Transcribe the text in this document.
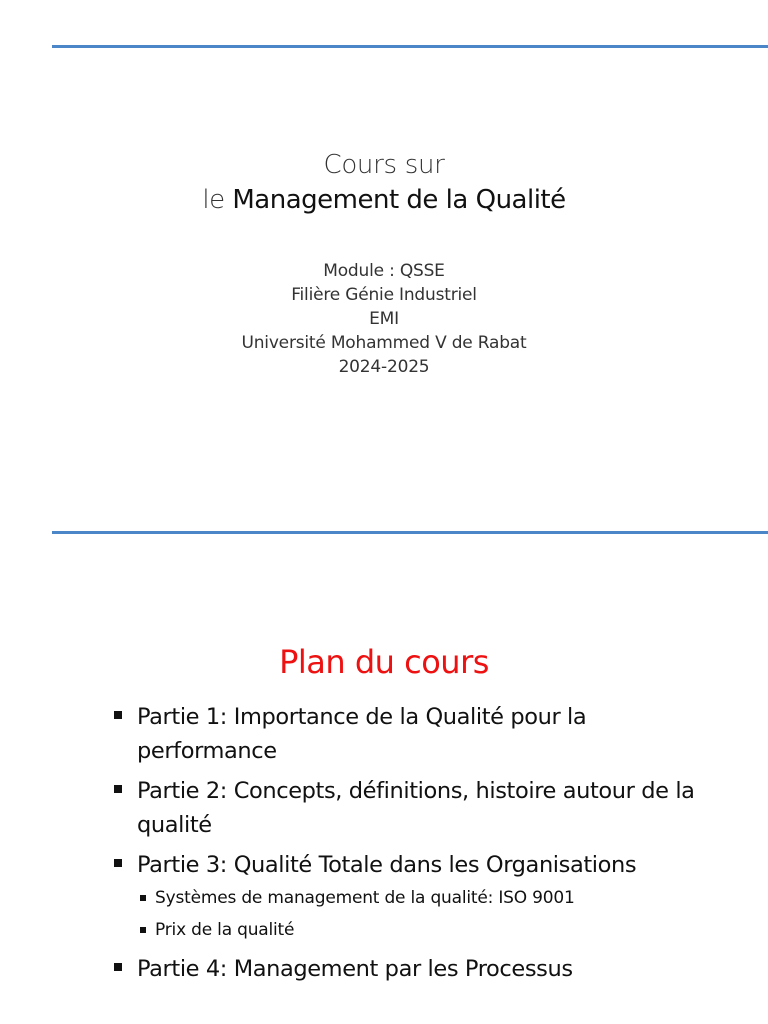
Cours sur
le Management de la Qualité
Module : QSSE
Filière Génie Industriel
EMI
Université Mohammed V de Rabat
2024-2025
Plan du cours
Partie 1: Importance de la Qualité pour la performance
Partie 2: Concepts, définitions, histoire autour de la qualité
Partie 3: Qualité Totale dans les Organisations
Systèmes de management de la qualité: ISO 9001
Prix de la qualité
Partie 4: Management par les Processus
